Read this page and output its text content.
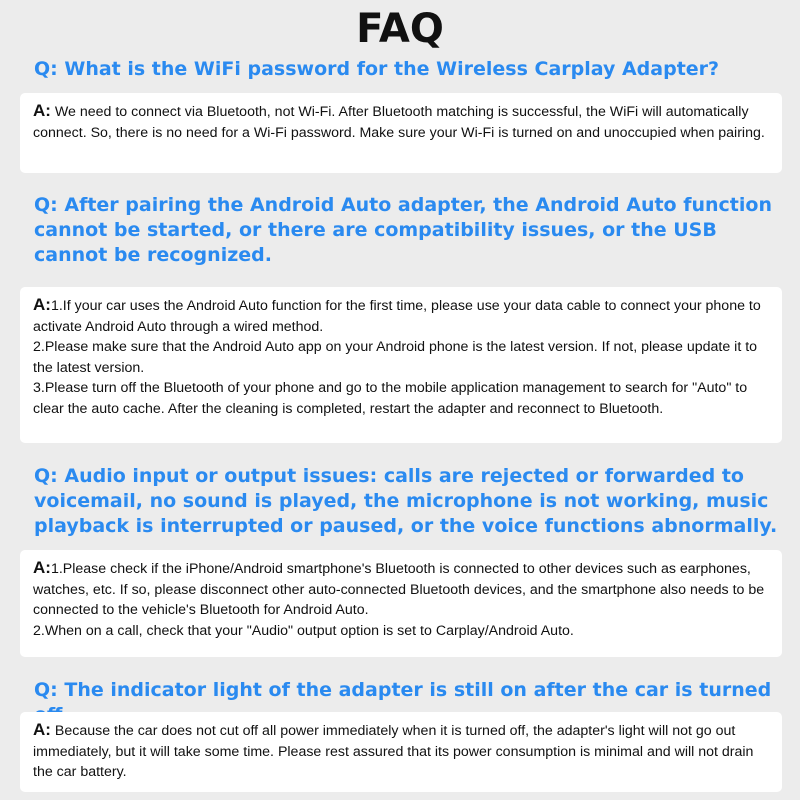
FAQ
Q: What is the WiFi password for the Wireless Carplay Adapter?

A: We need to connect via Bluetooth, not Wi-Fi. After Bluetooth matching is successful, the WiFi will automatically connect. So, there is no need for a Wi-Fi password. Make sure your Wi-Fi is turned on and unoccupied when pairing.

Q: After pairing the Android Auto adapter, the Android Auto function cannot be started, or there are compatibility issues, or the USB cannot be recognized.

A:1.If your car uses the Android Auto function for the first time, please use your data cable to connect your phone to activate Android Auto through a wired method.

2.Please make sure that the Android Auto app on your Android phone is the latest version. If not, please update it to the latest version.

3.Please turn off the Bluetooth of your phone and go to the mobile application management to search for "Auto" to clear the auto cache. After the cleaning is completed, restart the adapter and reconnect to Bluetooth.

Q: Audio input or output issues: calls are rejected or forwarded to voicemail, no sound is played, the microphone is not working, music playback is interrupted or paused, or the voice functions abnormally.

A:1.Please check if the iPhone/Android smartphone's Bluetooth is connected to other devices such as earphones, watches, etc. If so, please disconnect other auto-connected Bluetooth devices, and the smartphone also needs to be connected to the vehicle's Bluetooth for Android Auto.

2.When on a call, check that your "Audio" output option is set to Carplay/Android Auto.

Q: The indicator light of the adapter is still on after the car is turned

A: Because the car does not cut off all power immediately when it is turned off, the adapter's light will not go out immediately, but it will take some time. Please rest assured that its power consumption is minimal and will not drain the car battery.
